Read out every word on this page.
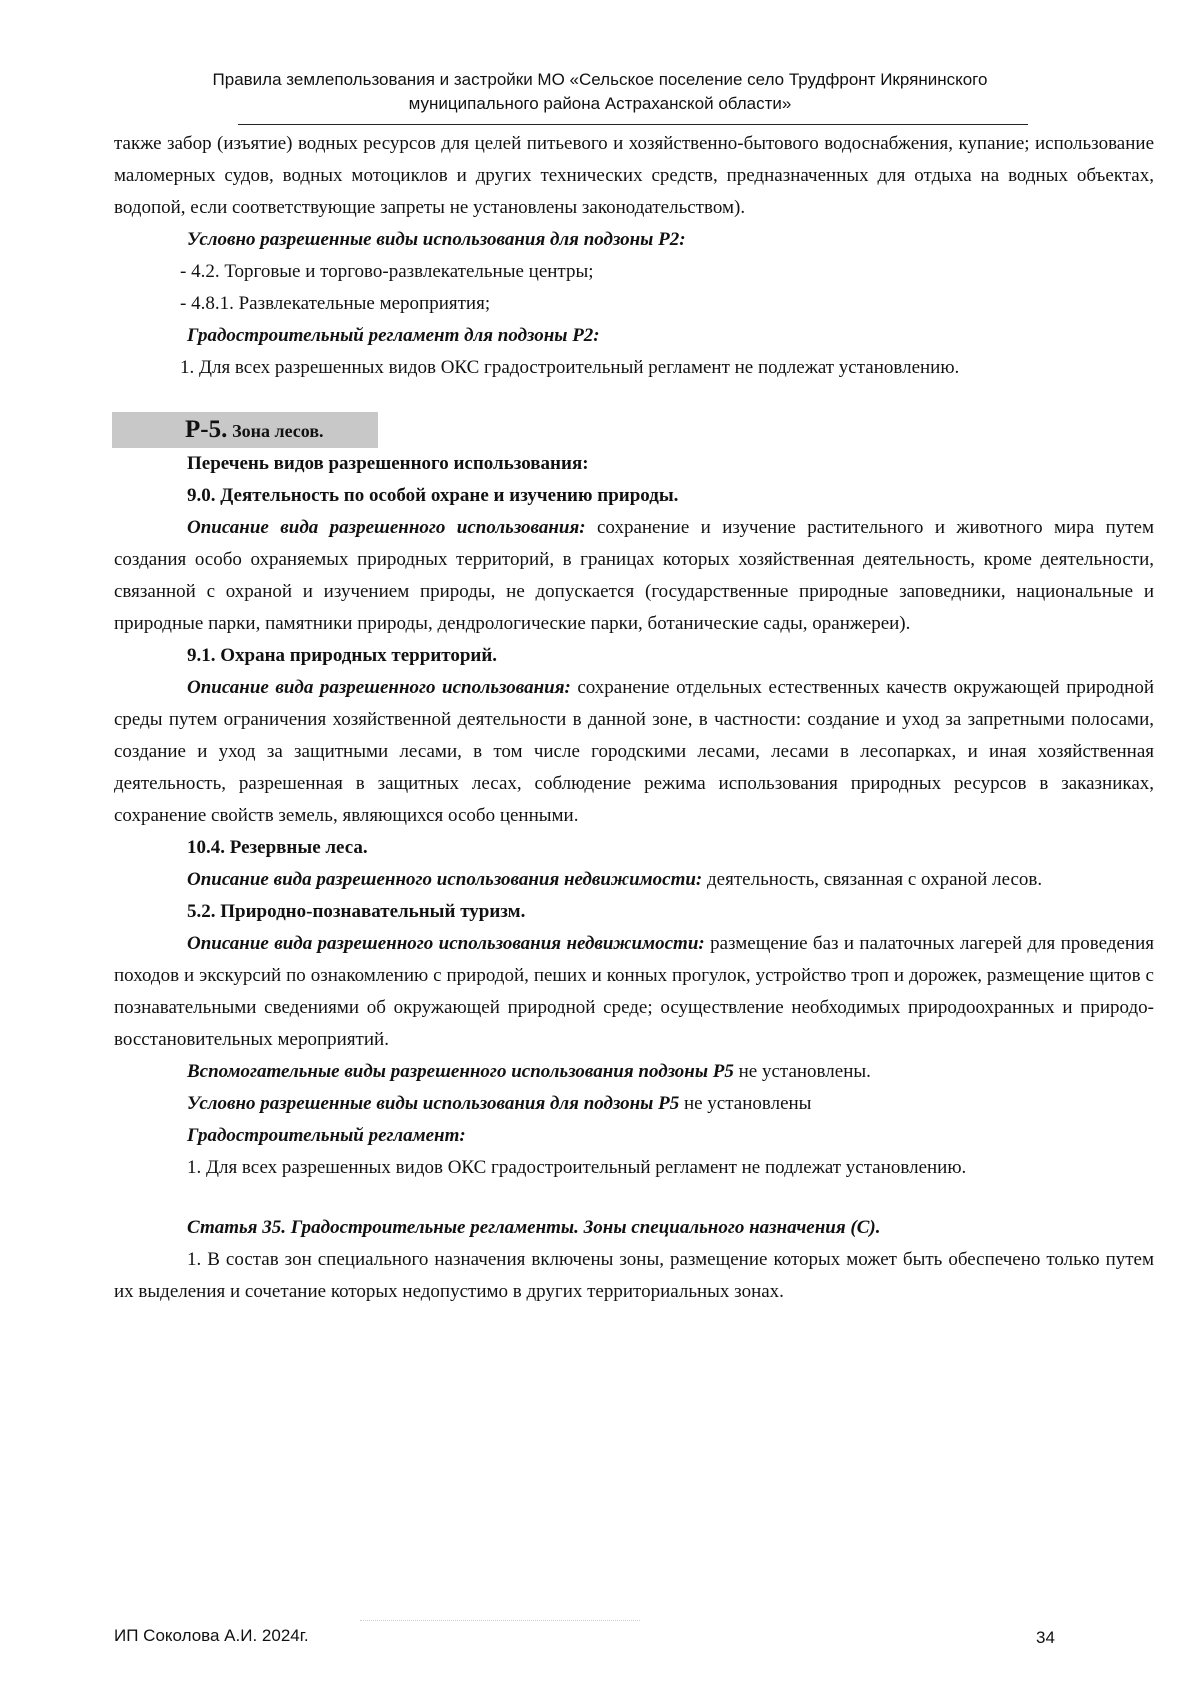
Правила землепользования и застройки МО «Сельское поселение село Трудфронт Икрянинского
муниципального района Астраханской области»

также забор (изъятие) водных ресурсов для целей питьевого и хозяйственно-бытового водоснабжения, купание; использование маломерных судов, водных мотоциклов и других технических средств, предназначенных для отдыха на водных объектах, водопой, если соответствующие запреты не установлены законодательством).

Условно разрешенные виды использования для подзоны Р2:

- 4.2. Торговые и торгово-развлекательные центры;

- 4.8.1. Развлекательные мероприятия;

Градостроительный регламент для подзоны Р2:

1. Для всех разрешенных видов ОКС градостроительный регламент не подлежат установлению.

Р-5. Зона лесов.

Перечень видов разрешенного использования:

9.0. Деятельность по особой охране и изучению природы.

Описание вида разрешенного использования: сохранение и изучение растительного и животного мира путем создания особо охраняемых природных территорий, в границах которых хозяйственная деятельность, кроме деятельности, связанной с охраной и изучением природы, не допускается (государственные природные заповедники, национальные и природные парки, памятники природы, дендрологические парки, ботанические сады, оранжереи).

9.1. Охрана природных территорий.

Описание вида разрешенного использования: сохранение отдельных естественных качеств окружающей природной среды путем ограничения хозяйственной деятельности в данной зоне, в частности: создание и уход за запретными полосами, создание и уход за защитными лесами, в том числе городскими лесами, лесами в лесопарках, и иная хозяйственная деятельность, разрешенная в защитных лесах, соблюдение режима использования природных ресурсов в заказниках, сохранение свойств земель, являющихся особо ценными.

10.4. Резервные леса.

Описание вида разрешенного использования недвижимости: деятельность, связанная с охраной лесов.

5.2. Природно-познавательный туризм.

Описание вида разрешенного использования недвижимости: размещение баз и палаточных лагерей для проведения походов и экскурсий по ознакомлению с природой, пеших и конных прогулок, устройство троп и дорожек, размещение щитов с познавательными сведениями об окружающей природной среде; осуществление необходимых природоохранных и природо-восстановительных мероприятий.

Вспомогательные виды разрешенного использования подзоны Р5 не установлены.

Условно разрешенные виды использования для подзоны Р5 не установлены

Градостроительный регламент:

1. Для всех разрешенных видов ОКС градостроительный регламент не подлежат установлению.

Статья 35. Градостроительные регламенты. Зоны специального назначения (С).

1. В состав зон специального назначения включены зоны, размещение которых может быть обеспечено только путем их выделения и сочетание которых недопустимо в других территориальных зонах.

ИП Соколова А.И. 2024г.	34
